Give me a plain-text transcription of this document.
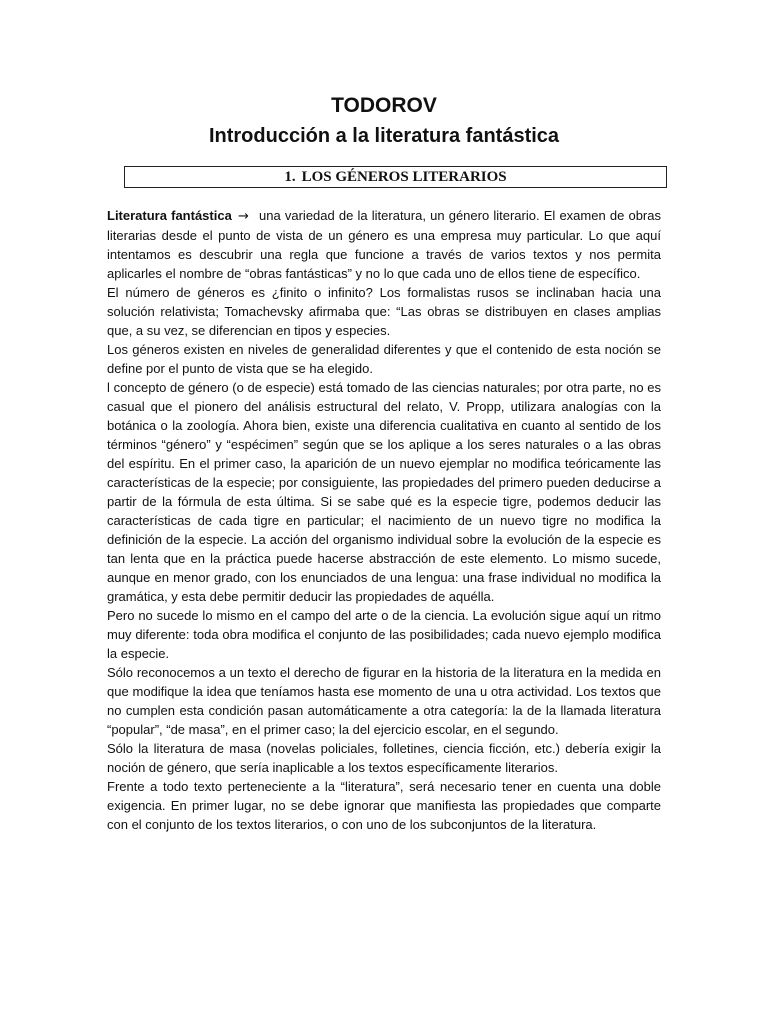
TODOROV
Introducción a la literatura fantástica
1. LOS GÉNEROS LITERARIOS

Literatura fantástica → una variedad de la literatura, un género literario. El examen de obras literarias desde el punto de vista de un género es una empresa muy particular. Lo que aquí intentamos es descubrir una regla que funcione a través de varios textos y nos permita aplicarles el nombre de “obras fantásticas” y no lo que cada uno de ellos tiene de específico.

El número de géneros es ¿finito o infinito? Los formalistas rusos se inclinaban hacia una solución relativista; Tomachevsky afirmaba que: “Las obras se distribuyen en clases amplias que, a su vez, se diferencian en tipos y especies.

Los géneros existen en niveles de generalidad diferentes y que el contenido de esta noción se define por el punto de vista que se ha elegido.

l concepto de género (o de especie) está tomado de las ciencias naturales; por otra parte, no es casual que el pionero del análisis estructural del relato, V. Propp, utilizara analogías con la botánica o la zoología. Ahora bien, existe una diferencia cualitativa en cuanto al sentido de los términos “género” y “espécimen” según que se los aplique a los seres naturales o a las obras del espíritu. En el primer caso, la aparición de un nuevo ejemplar no modifica teóricamente las características de la especie; por consiguiente, las propiedades del primero pueden deducirse a partir de la fórmula de esta última. Si se sabe qué es la especie tigre, podemos deducir las características de cada tigre en particular; el nacimiento de un nuevo tigre no modifica la definición de la especie. La acción del organismo individual sobre la evolución de la especie es tan lenta que en la práctica puede hacerse abstracción de este elemento. Lo mismo sucede, aunque en menor grado, con los enunciados de una lengua: una frase individual no modifica la gramática, y esta debe permitir deducir las propiedades de aquélla.

Pero no sucede lo mismo en el campo del arte o de la ciencia. La evolución sigue aquí un ritmo muy diferente: toda obra modifica el conjunto de las posibilidades; cada nuevo ejemplo modifica la especie.

Sólo reconocemos a un texto el derecho de figurar en la historia de la literatura en la medida en que modifique la idea que teníamos hasta ese momento de una u otra actividad. Los textos que no cumplen esta condición pasan automáticamente a otra categoría: la de la llamada literatura “popular”, “de masa”, en el primer caso; la del ejercicio escolar, en el segundo.

Sólo la literatura de masa (novelas policiales, folletines, ciencia ficción, etc.) debería exigir la noción de género, que sería inaplicable a los textos específicamente literarios.

Frente a todo texto perteneciente a la “literatura”, será necesario tener en cuenta una doble exigencia. En primer lugar, no se debe ignorar que manifiesta las propiedades que comparte con el conjunto de los textos literarios, o con uno de los subconjuntos de la literatura.
